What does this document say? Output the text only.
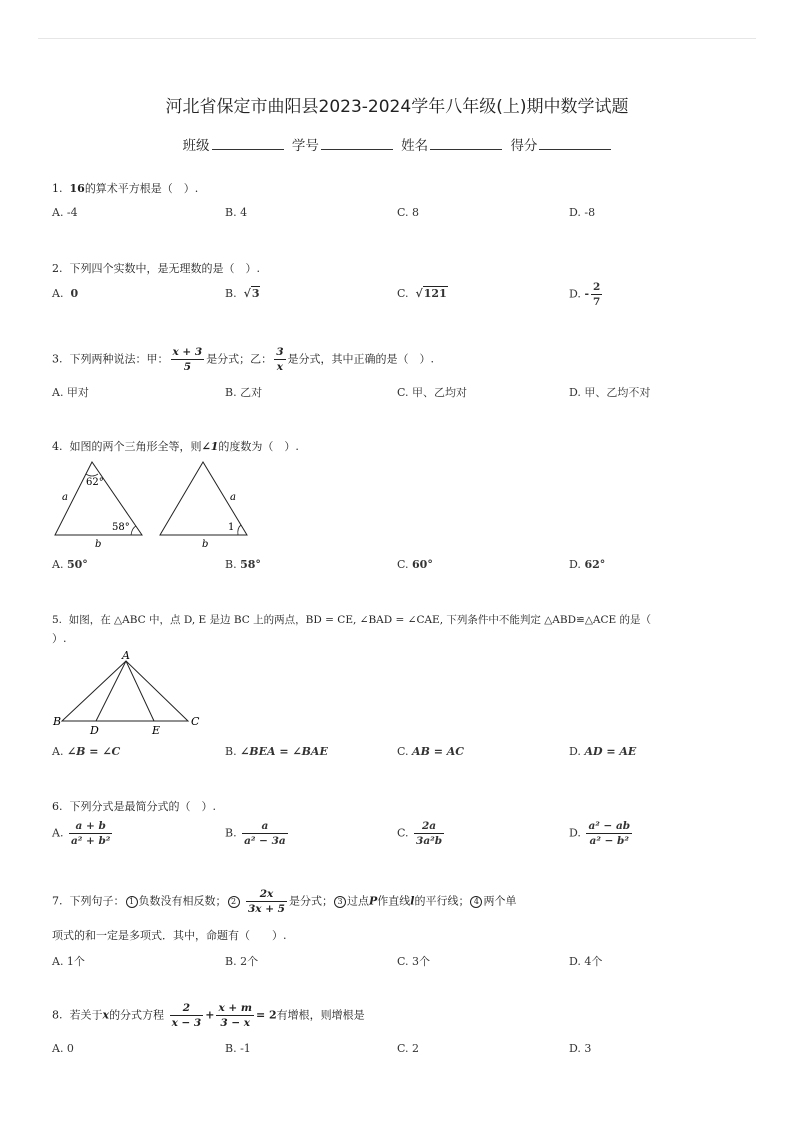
河北省保定市曲阳县2023-2024学年八年级(上)期中数学试题
班级	学号	姓名	得分
1. 16的算术平方根是（　）.
A. -4	B. 4	C. 8	D. -8
2. 下列四个实数中，是无理数的是（　）.
A. 0	B. √3	C. √121	D. - $\frac{2}{7}$
3. 下列两种说法：甲： $\frac{x + 3}{5}$ 是分式；乙： $\frac{3}{x}$ 是分式，其中正确的是（　）.
A. 甲对	B. 乙对	C. 甲、乙均对	D. 甲、乙均不对
4. 如图的两个三角形全等，则∠1的度数为（　）.
62°
58°
a
b
a
b
1
A. 50°	B. 58°	C. 60°	D. 62°
5. 如图，在 △ABC 中，点 D, E 是边 BC 上的两点，BD = CE, ∠BAD = ∠CAE, 下列条件中不能判定 △ABD≌△ACE 的是（
）.
A
B	C
D	E
A. ∠B = ∠C	B. ∠BEA = ∠BAE	C. AB = AC	D. AD = AE
6. 下列分式是最简分式的（　）.
A. $\frac{a + b}{\text{a² + b²}}$	B. $\frac{a}{\text{a² − 3a}}$	C. $\frac{2a}{\text{3a²b}}$	D. $\frac{\text{a² − ab}}{\text{a² − b²}}$
7. 下列句子： 1 负数没有相反数； $2 \frac{2x}{3x + 5}$ 是分式； 3 过点P作直线l的平行线； 4 两个单
项式的和一定是多项式．其中，命题有（　　）.
A. 1个	B. 2个	C. 3个	D. 4个
8. 若关于x的分式方程 $\frac{2}{x - 3} + \frac{x + m}{3 - x} = 2$有增根，则增根是
A. 0	B. -1	C. 2	D. 3
